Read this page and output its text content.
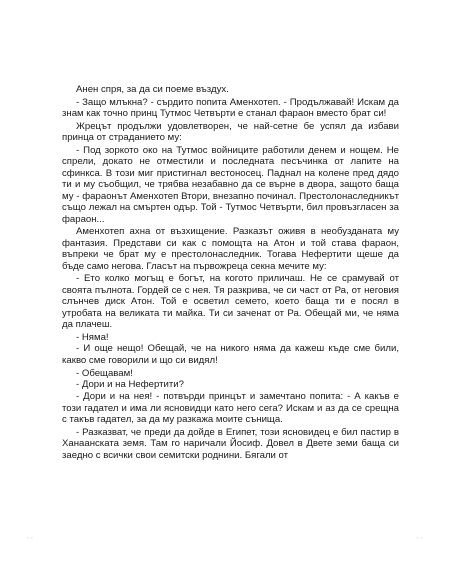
Анен спря, за да си поеме въздух.

- Защо млъкна? - сърдито попита Аменхотеп. - Продължавай! Искам да знам как точно принц Тутмос Четвърти е станал фараон вместо брат си!

Жрецът продължи удовлетворен, че най-сетне бе успял да избави принца от страданието му:

- Под зоркото око на Тутмос войниците работили денем и нощем. Не спрели, докато не отместили и последната песъчинка от лапите на сфинкса. В този миг пристигнал вестоносец. Паднал на колене пред дядо ти и му съобщил, че трябва незабавно да се върне в двора, защото баща му - фараонът Аменхотеп Втори, внезапно починал. Престолонаследникът също лежал на смъртен одър. Той - Тутмос Четвърти, бил провъзгласен за фараон...

Аменхотеп ахна от възхищение. Разказът оживя в необузданата му фантазия. Представи си как с помощта на Атон и той става фараон, въпреки че брат му е престолонаследник. Тогава Нефертити щеше да бъде само негова. Гласът на първожреца секна мечите му:

- Ето колко могъщ е богът, на когото приличаш. Не се срамувай от своята пълнота. Гордей се с нея. Тя разкрива, че си част от Ра, от неговия слънчев диск Атон. Той е осветил семето, което баща ти е посял в утробата на великата ти майка. Ти си заченат от Ра. Обещай ми, че няма да плачеш.

- Няма!

- И още нещо! Обещай, че на никого няма да кажеш къде сме били, какво сме говорили и що си видял!

- Обещавам!

- Дори и на Нефертити?

- Дори и на нея! - потвърди принцът и замечтано попита: - А какъв е този гадател и има ли ясновидци като него сега? Искам и аз да се срещна с такъв гадател, за да му разкажа моите сънища.

- Разказват, че преди да дойде в Египет, този ясновидец е бил пастир в Ханаанската земя. Там го наричали Йосиф. Довел в Двете земи баща си заедно с всички свои семитски роднини. Бягали от

◦◦	◦◦
